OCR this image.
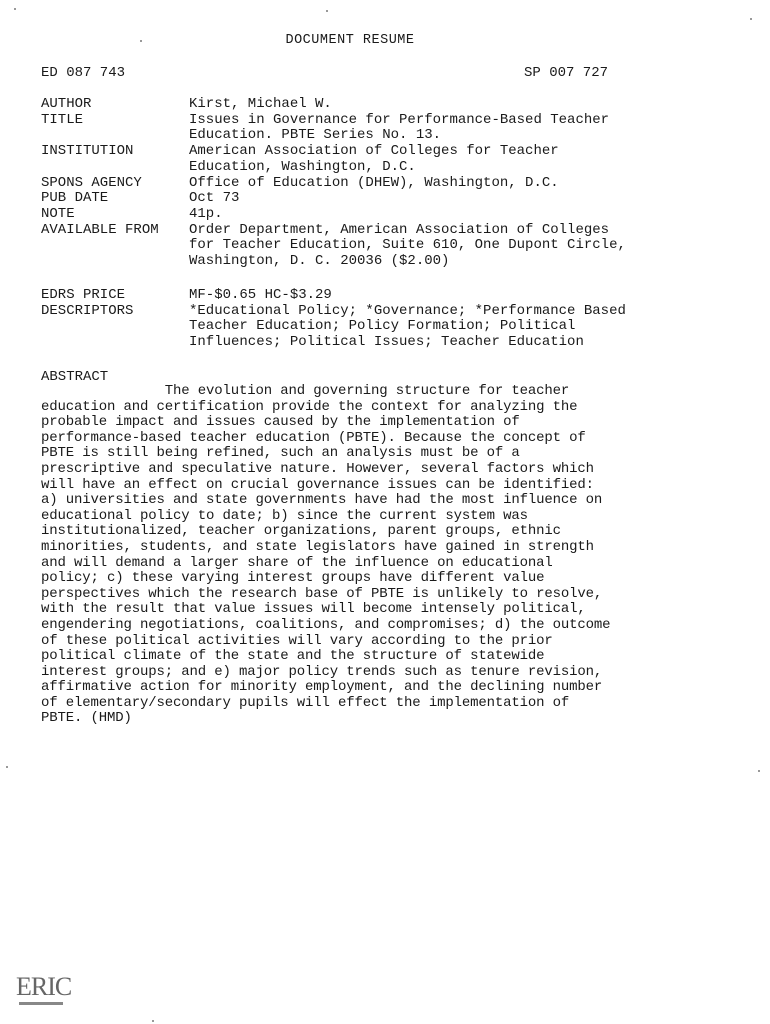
DOCUMENT RESUME
ED 087 743	SP 007 727
AUTHOR	Kirst, Michael W.
TITLE	Issues in Governance for Performance-Based Teacher
Education. PBTE Series No. 13.
INSTITUTION	American Association of Colleges for Teacher
Education, Washington, D.C.
SPONS AGENCY	Office of Education (DHEW), Washington, D.C.
PUB DATE	Oct 73
NOTE	41p.
AVAILABLE FROM	Order Department, American Association of Colleges
for Teacher Education, Suite 610, One Dupont Circle,
Washington, D. C. 20036 ($2.00)
EDRS PRICE	MF-$0.65 HC-$3.29
DESCRIPTORS	*Educational Policy; *Governance; *Performance Based
Teacher Education; Policy Formation; Political
Influences; Political Issues; Teacher Education
ABSTRACT
The evolution and governing structure for teacher
education and certification provide the context for analyzing the
probable impact and issues caused by the implementation of
performance-based teacher education (PBTE). Because the concept of
PBTE is still being refined, such an analysis must be of a
prescriptive and speculative nature. However, several factors which
will have an effect on crucial governance issues can be identified:
a) universities and state governments have had the most influence on
educational policy to date; b) since the current system was
institutionalized, teacher organizations, parent groups, ethnic
minorities, students, and state legislators have gained in strength
and will demand a larger share of the influence on educational
policy; c) these varying interest groups have different value
perspectives which the research base of PBTE is unlikely to resolve,
with the result that value issues will become intensely political,
engendering negotiations, coalitions, and compromises; d) the outcome
of these political activities will vary according to the prior
political climate of the state and the structure of statewide
interest groups; and e) major policy trends such as tenure revision,
affirmative action for minority employment, and the declining number
of elementary/secondary pupils will effect the implementation of
PBTE. (HMD)
ERIC
